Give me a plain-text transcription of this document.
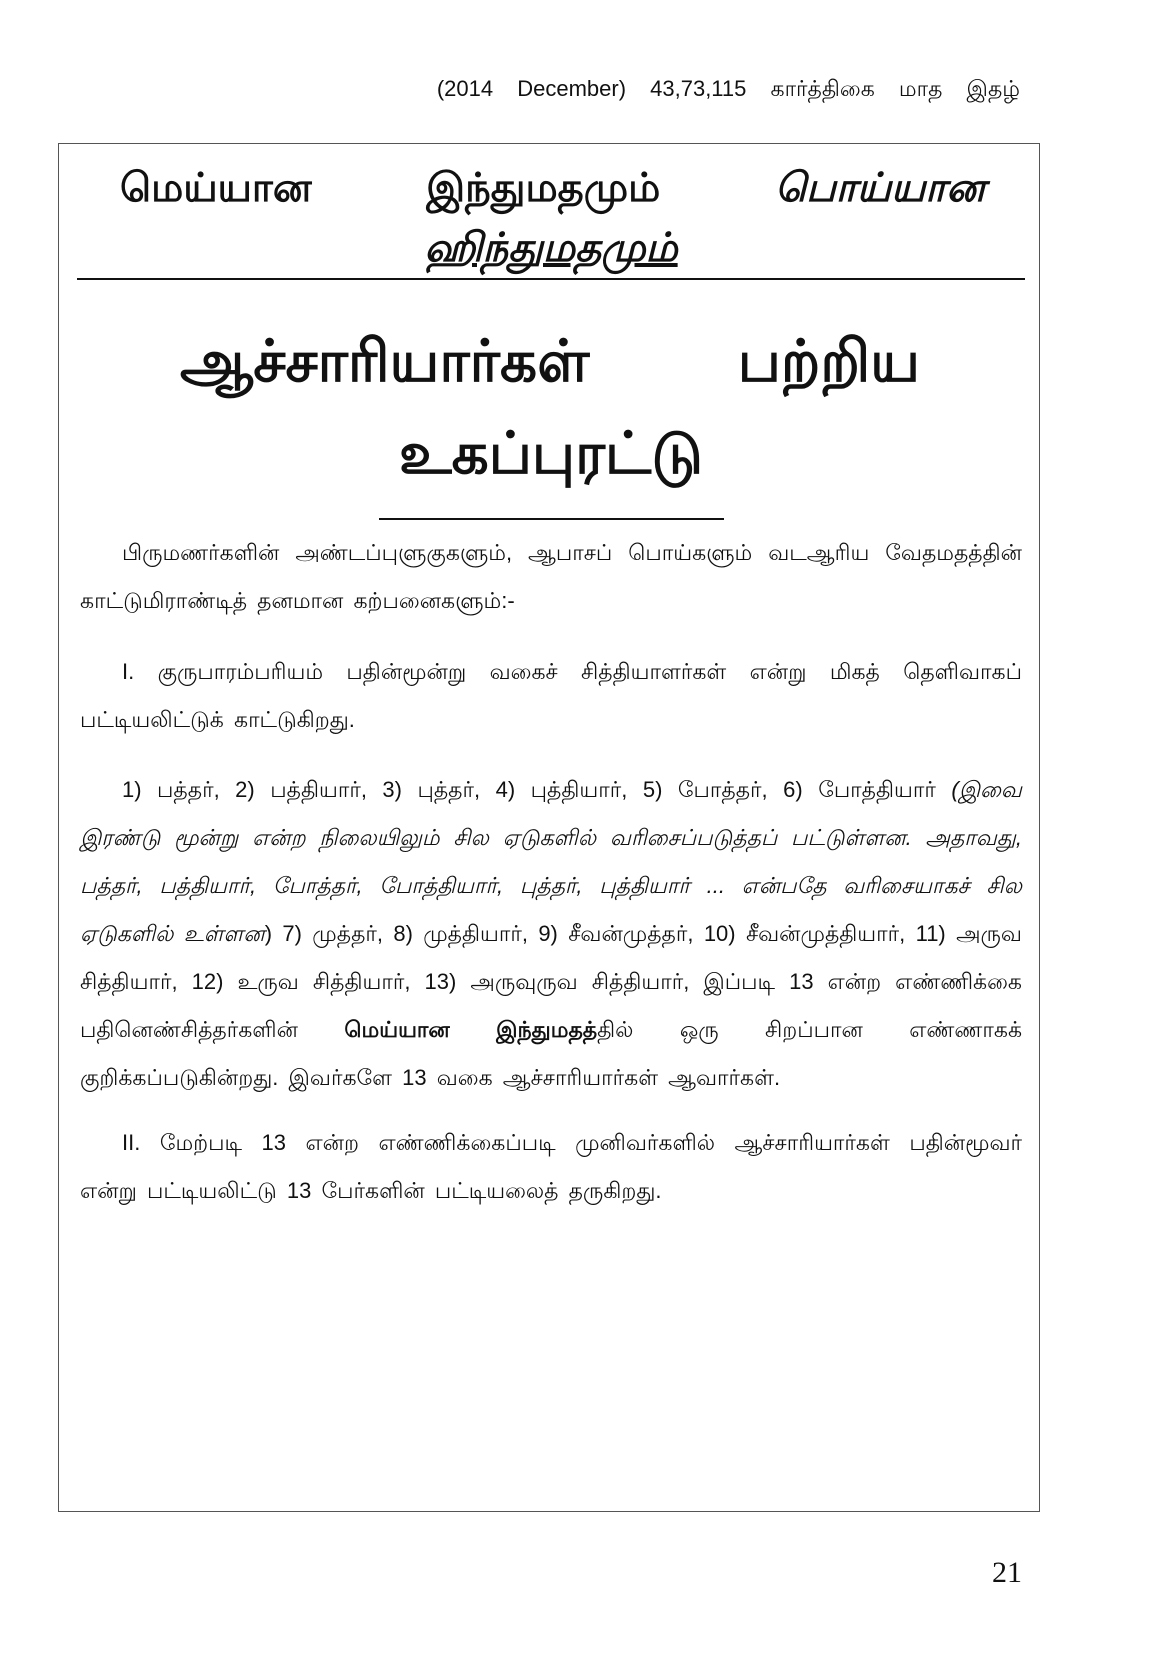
(2014 December) 43,73,115 கார்த்திகை மாத இதழ்
மெய்யான	இந்துமதமும்	பொய்யான
ஹிந்துமதமும்
ஆச்சாரியார்கள்	பற்றிய
உகப்புரட்டு

பிருமணர்களின் அண்டப்புளுகுகளும், ஆபாசப் பொய்களும் வடஆரிய வேதமதத்தின் காட்டுமிராண்டித் தனமான கற்பனைகளும்:-

I. குருபாரம்பரியம் பதின்மூன்று வகைச் சித்தியாளர்கள் என்று மிகத் தெளிவாகப் பட்டியலிட்டுக் காட்டுகிறது.

1) பத்தர், 2) பத்தியார், 3) புத்தர், 4) புத்தியார், 5) போத்தர், 6) போத்தியார் (இவை இரண்டு மூன்று என்ற நிலையிலும் சில ஏடுகளில் வரிசைப்படுத்தப் பட்டுள்ளன. அதாவது, பத்தர், பத்தியார், போத்தர், போத்தியார், புத்தர், புத்தியார் ... என்பதே வரிசையாகச் சில ஏடுகளில் உள்ளன) 7) முத்தர், 8) முத்தியார், 9) சீவன்முத்தர், 10) சீவன்முத்தியார், 11) அருவ சித்தியார், 12) உருவ சித்தியார், 13) அருவுருவ சித்தியார், இப்படி 13 என்ற எண்ணிக்கை பதினெண்சித்தர்களின் மெய்யான இந்துமதத்தில் ஒரு சிறப்பான எண்ணாகக் குறிக்கப்படுகின்றது. இவர்களே 13 வகை ஆச்சாரியார்கள் ஆவார்கள்.

II. மேற்படி 13 என்ற எண்ணிக்கைப்படி முனிவர்களில் ஆச்சாரியார்கள் பதின்மூவர் என்று பட்டியலிட்டு 13 பேர்களின் பட்டியலைத் தருகிறது.

21
